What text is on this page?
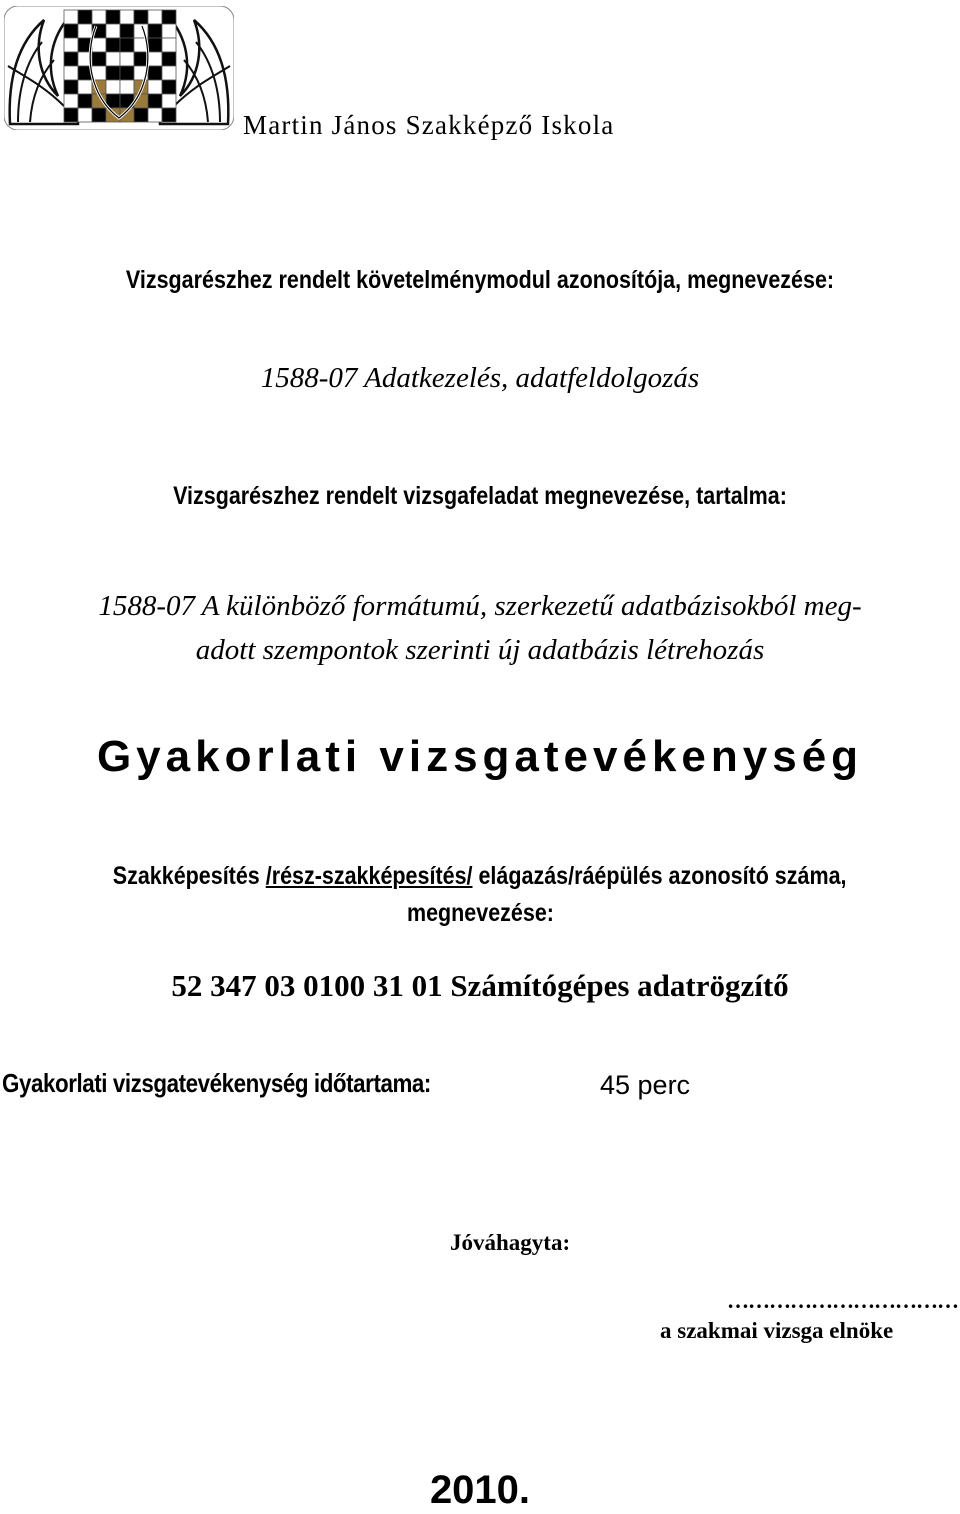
Martin János Szakképző Iskola
Vizsgarészhez rendelt követelménymodul azonosítója, megnevezése:
1588-07 Adatkezelés, adatfeldolgozás
Vizsgarészhez rendelt vizsgafeladat megnevezése, tartalma:
1588-07 A különböző formátumú, szerkezetű adatbázisokból meg-
adott szempontok szerinti új adatbázis létrehozás
Gyakorlati vizsgatevékenység
Szakképesítés /rész-szakképesítés/ elágazás/ráépülés azonosító száma,
megnevezése:
52 347 03 0100 31 01 Számítógépes adatrögzítő
Gyakorlati vizsgatevékenység időtartama:	45 perc
Jóváhagyta:
……………………………
a szakmai vizsga elnöke
2010.
